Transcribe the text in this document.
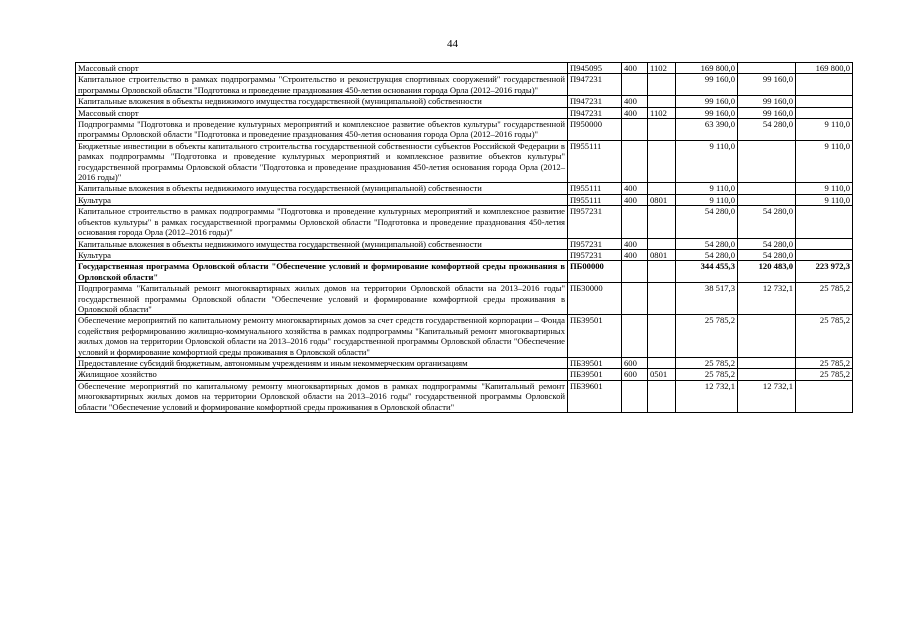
44
Массовый спорт	П945095	400	1102	169 800,0		169 800,0
Капитальное строительство в рамках подпрограммы "Строительство и реконструкция спортивных сооружений" государственной программы Орловской области "Подготовка и проведение празднования 450-летия основания города Орла (2012–2016 годы)"	П947231			99 160,0	99 160,0	
Капитальные вложения в объекты недвижимого имущества государственной (муниципальной) собственности	П947231	400		99 160,0	99 160,0	
Массовый спорт	П947231	400	1102	99 160,0	99 160,0	
Подпрограммы "Подготовка и проведение культурных мероприятий и комплексное развитие объектов культуры" государственной программы Орловской области "Подготовка и проведение празднования 450-летия основания города Орла (2012–2016 годы)"	П950000			63 390,0	54 280,0	9 110,0
Бюджетные инвестиции в объекты капитального строительства государственной собственности субъектов Российской Федерации в рамках подпрограммы "Подготовка и проведение культурных мероприятий и комплексное развитие объектов культуры" государственной программы Орловской области "Подготовка и проведение празднования 450-летия основания города Орла (2012–2016 годы)"	П955111			9 110,0		9 110,0
Капитальные вложения в объекты недвижимого имущества государственной (муниципальной) собственности	П955111	400		9 110,0		9 110,0
Культура	П955111	400	0801	9 110,0		9 110,0
Капитальное строительство в рамках подпрограммы "Подготовка и проведение культурных мероприятий и комплексное развитие объектов культуры" в рамках государственной программы Орловской области "Подготовка и проведение празднования 450-летия основания города Орла (2012–2016 годы)"	П957231			54 280,0	54 280,0	
Капитальные вложения в объекты недвижимого имущества государственной (муниципальной) собственности	П957231	400		54 280,0	54 280,0	
Культура	П957231	400	0801	54 280,0	54 280,0	
Государственная программа Орловской области "Обеспечение условий и формирование комфортной среды проживания в Орловской области"	ПБ00000			344 455,3	120 483,0	223 972,3
Подпрограмма "Капитальный ремонт многоквартирных жилых домов на территории Орловской области на 2013–2016 годы" государственной программы Орловской области "Обеспечение условий и формирование комфортной среды проживания в Орловской области"	ПБ30000			38 517,3	12 732,1	25 785,2
Обеспечение мероприятий по капитальному ремонту многоквартирных домов за счет средств государственной корпорации – Фонда содействия реформированию жилищно-коммунального хозяйства в рамках подпрограммы "Капитальный ремонт многоквартирных жилых домов на территории Орловской области на 2013–2016 годы" государственной программы Орловской области "Обеспечение условий и формирование комфортной среды проживания в Орловской области"	ПБ39501			25 785,2		25 785,2
Предоставление субсидий бюджетным, автономным учреждениям и иным некоммерческим организациям	ПБ39501	600		25 785,2		25 785,2
Жилищное хозяйство	ПБ39501	600	0501	25 785,2		25 785,2
Обеспечение мероприятий по капитальному ремонту многоквартирных домов в рамках подпрограммы "Капитальный ремонт многоквартирных жилых домов на территории Орловской области на 2013–2016 годы" государственной программы Орловской области "Обеспечение условий и формирование комфортной среды проживания в Орловской области"	ПБ39601			12 732,1	12 732,1	
